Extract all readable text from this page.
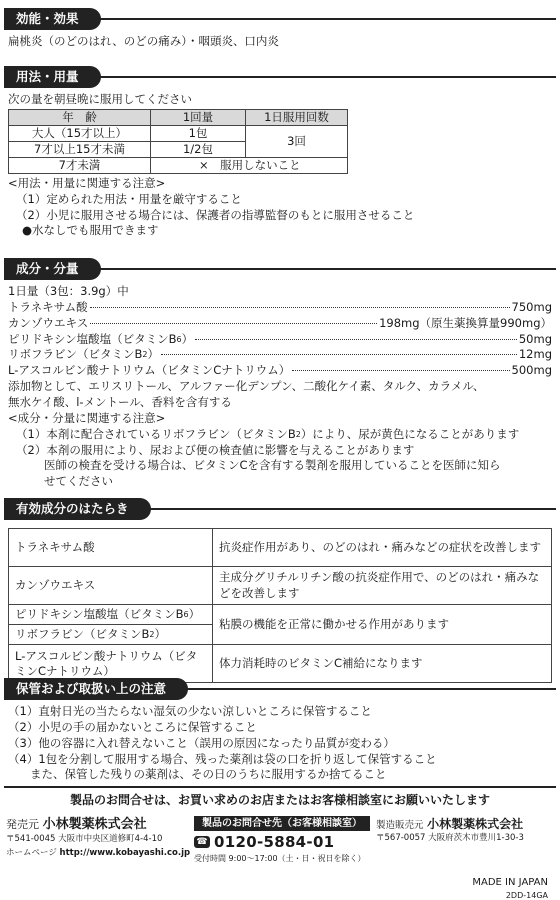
効能・効果
扁桃炎（のどのはれ、のどの痛み）・咽頭炎、口内炎
用法・用量
次の量を朝昼晩に服用してください
年　齢	1回量	1日服用回数
大人（15才以上）	1包	3回
7才以上15才未満	1/2包	
7才未満	×　服用しないこと	
<用法・用量に関連する注意>
（1）定められた用法・用量を厳守すること
（2）小児に服用させる場合には、保護者の指導監督のもとに服用させること
●水なしでも服用できます
成分・分量
1日量（3包：3.9g）中
トラネキサム酸	750mg
カンゾウエキス	198mg（原生薬換算量990mg）
ピリドキシン塩酸塩（ビタミン$B_6$）	50mg
リボフラビン（ビタミン$B_2$）	12mg
L-アスコルビン酸ナトリウム（ビタミンCナトリウム）	500mg
添加物として、エリスリトール、アルファー化デンプン、二酸化ケイ素、タルク、カラメル、
無水ケイ酸、l-メントール、香料を含有する
<成分・分量に関連する注意>
（1）本剤に配合されているリボフラビン（ビタミン$B_2$）により、尿が黄色になることがあります
（2）本剤の服用により、尿および便の検査値に影響を与えることがあります
医師の検査を受ける場合は、ビタミンCを含有する製剤を服用していることを医師に知ら
せてください
有効成分のはたらき
トラネキサム酸	抗炎症作用があり、のどのはれ・痛みなどの症状を改善します
カンゾウエキス	主成分グリチルリチン酸の抗炎症作用で、のどのはれ・痛みなどを改善します
ピリドキシン塩酸塩（ビタミン$B_6$）	粘膜の機能を正常に働かせる作用があります
リボフラビン（ビタミン$B_2$）	
L-アスコルビン酸ナトリウム（ビタミンCナトリウム）	体力消耗時のビタミンC補給になります
保管および取扱い上の注意
（1）直射日光の当たらない湿気の少ない涼しいところに保管すること
（2）小児の手の届かないところに保管すること
（3）他の容器に入れ替えないこと（誤用の原因になったり品質が変わる）
（4）1包を分割して服用する場合、残った薬剤は袋の口を折り返して保管すること
また、保管した残りの薬剤は、その日のうちに服用するか捨てること
製品のお問合せは、お買い求めのお店またはお客様相談室にお願いいたします
発売元 小林製薬株式会社
〒541-0045 大阪市中央区道修町4-4-10
ホームページ http://www.kobayashi.co.jp
製品のお問合せ先（お客様相談室）
☎ 0120-5884-01
受付時間 9:00～17:00（土・日・祝日を除く）
製造販売元 小林製薬株式会社
〒567-0057 大阪府茨木市豊川1-30-3
MADE IN JAPAN
2DD-14GA
